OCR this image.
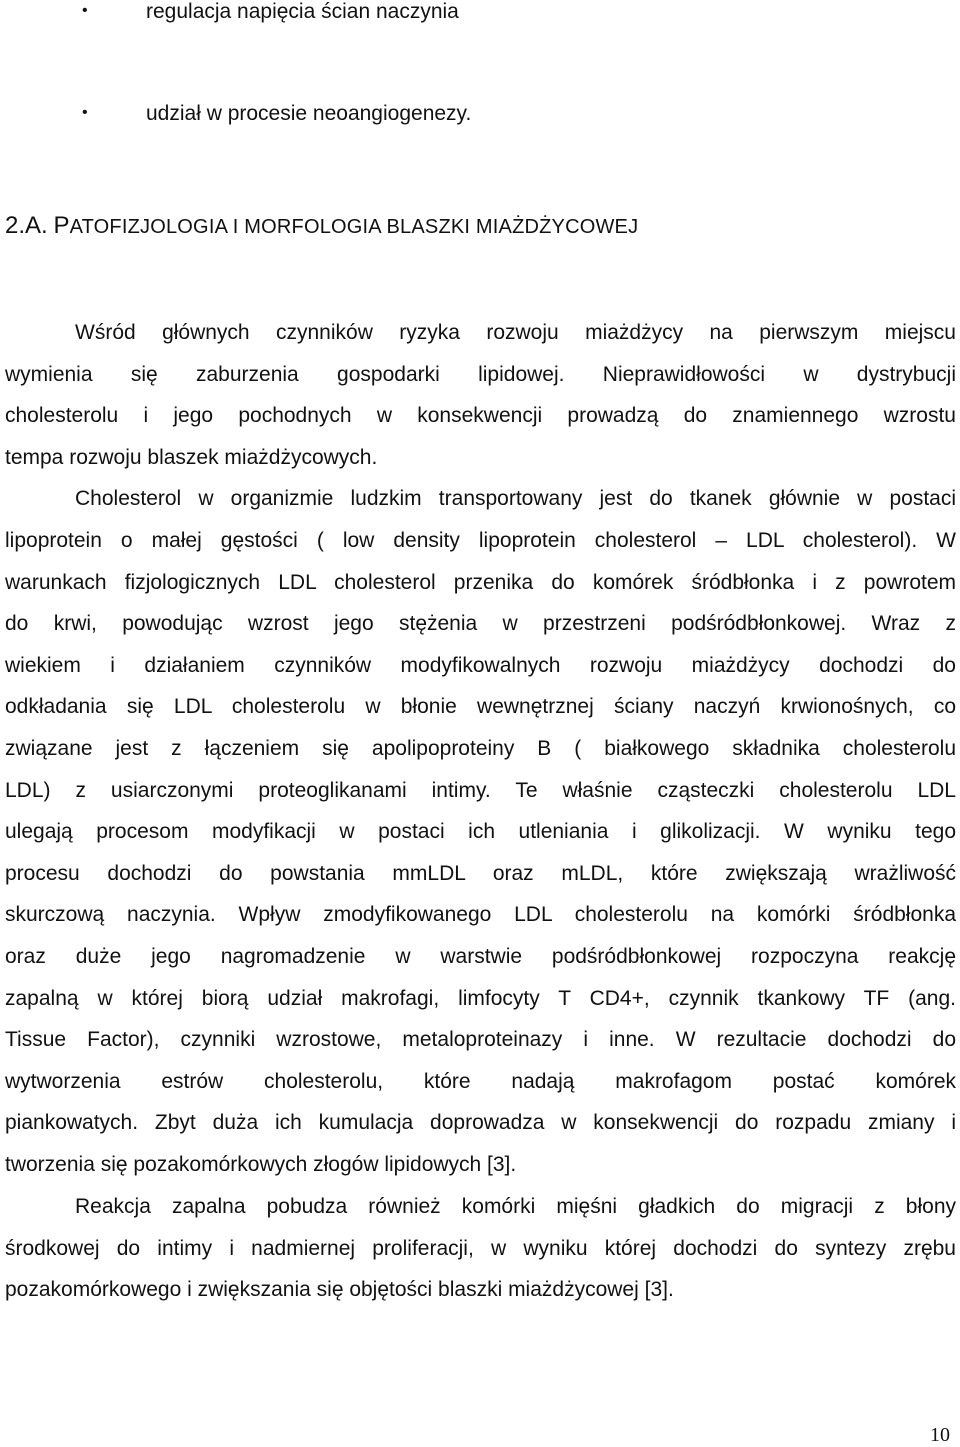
•	regulacja napięcia ścian naczynia
•	udział w procesie neoangiogenezy.
2.A. PATOFIZJOLOGIA I MORFOLOGIA BLASZKI MIAŻDŻYCOWEJ
Wśród głównych czynników ryzyka rozwoju miażdżycy na pierwszym miejscu
wymienia się zaburzenia gospodarki lipidowej. Nieprawidłowości w dystrybucji
cholesterolu i jego pochodnych w konsekwencji prowadzą do znamiennego wzrostu
tempa rozwoju blaszek miażdżycowych.
Cholesterol w organizmie ludzkim transportowany jest do tkanek głównie w postaci
lipoprotein o małej gęstości ( low density lipoprotein cholesterol – LDL cholesterol). W
warunkach fizjologicznych LDL cholesterol przenika do komórek śródbłonka i z powrotem
do krwi, powodując wzrost jego stężenia w przestrzeni podśródbłonkowej. Wraz z
wiekiem i działaniem czynników modyfikowalnych rozwoju miażdżycy dochodzi do
odkładania się LDL cholesterolu w błonie wewnętrznej ściany naczyń krwionośnych, co
związane jest z łączeniem się apolipoproteiny B ( białkowego składnika cholesterolu
LDL) z usiarczonymi proteoglikanami intimy. Te właśnie cząsteczki cholesterolu LDL
ulegają procesom modyfikacji w postaci ich utleniania i glikolizacji. W wyniku tego
procesu dochodzi do powstania mmLDL oraz mLDL, które zwiększają wrażliwość
skurczową naczynia. Wpływ zmodyfikowanego LDL cholesterolu na komórki śródbłonka
oraz duże jego nagromadzenie w warstwie podśródbłonkowej rozpoczyna reakcję
zapalną w której biorą udział makrofagi, limfocyty T CD4+, czynnik tkankowy TF (ang.
Tissue Factor), czynniki wzrostowe, metaloproteinazy i inne. W rezultacie dochodzi do
wytworzenia estrów cholesterolu, które nadają makrofagom postać komórek
piankowatych. Zbyt duża ich kumulacja doprowadza w konsekwencji do rozpadu zmiany i
tworzenia się pozakomórkowych złogów lipidowych [3].
Reakcja zapalna pobudza również komórki mięśni gładkich do migracji z błony
środkowej do intimy i nadmiernej proliferacji, w wyniku której dochodzi do syntezy zrębu
pozakomórkowego i zwiększania się objętości blaszki miażdżycowej [3].
10
